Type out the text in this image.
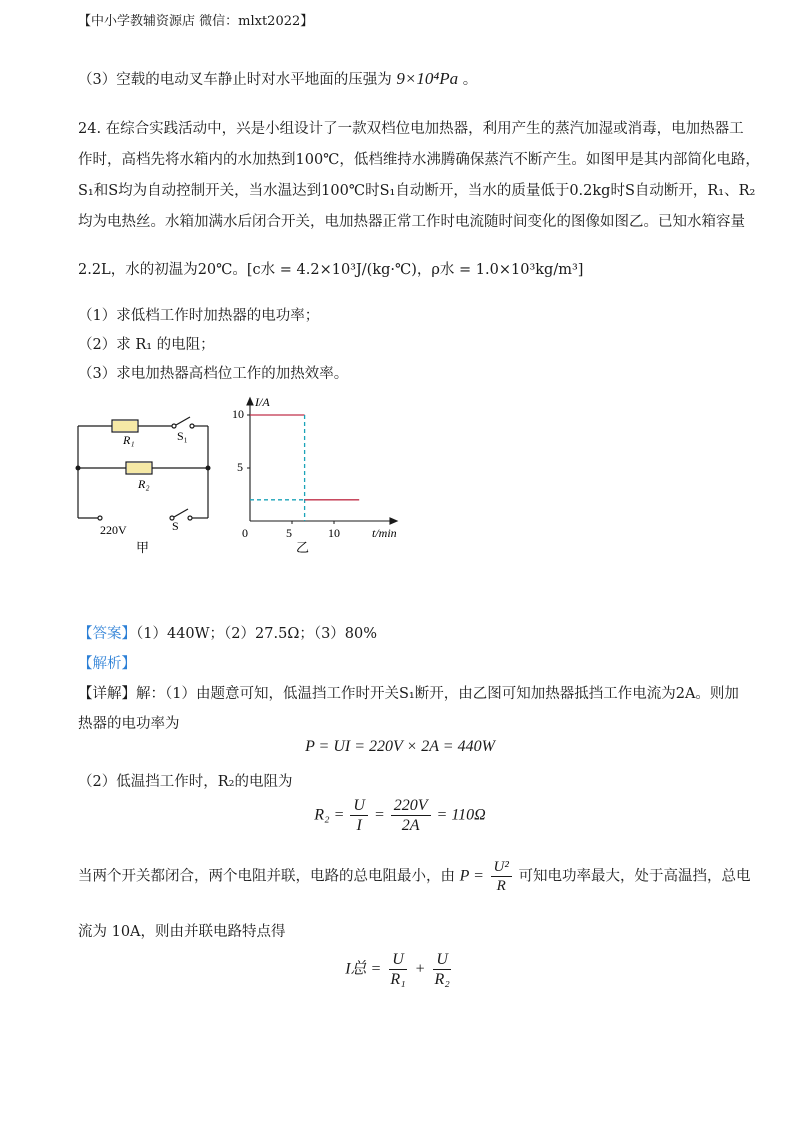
【中小学教辅资源店 微信：mlxt2022】
（3）空载的电动叉车静止时对水平地面的压强为 9×10⁴Pa 。
24. 在综合实践活动中，兴是小组设计了一款双档位电加热器，利用产生的蒸汽加湿或消毒，电加热器工
作时，高档先将水箱内的水加热到100℃，低档维持水沸腾确保蒸汽不断产生。如图甲是其内部简化电路，
S₁和S均为自动控制开关，当水温达到100℃时S₁自动断开，当水的质量低于0.2kg时S自动断开，R₁、R₂
均为电热丝。水箱加满水后闭合开关，电加热器正常工作时电流随时间变化的图像如图乙。已知水箱容量
2.2L，水的初温为20℃。[c水 = 4.2×10³J/(kg·℃)，ρ水 = 1.0×10³kg/m³]
（1）求低档工作时加热器的电功率；
（2）求 R₁ 的电阻；
（3）求电加热器高档位工作的加热效率。
R₁
R₂
S₁
S
220V
甲
I/A
t/min
10
5
0	5	10
乙
【答案】（1）440W；（2）27.5Ω；（3）80%
【解析】
【详解】解：（1）由题意可知，低温挡工作时开关S₁断开，由乙图可知加热器抵挡工作电流为2A。则加
热器的电功率为
P = UI = 220V × 2A = 440W
（2）低温挡工作时，R₂的电阻为
$R_2 = \frac{U}{I} = \frac{220V}{2A} = 110\Omega$
当两个开关都闭合，两个电阻并联，电路的总电阻最小，由 $P = \frac{\text{U²}}{R}$ 可知电功率最大，处于高温挡，总电
流为 10A，则由并联电路特点得
I总 = $\frac{U}{\text{R₁}} + \frac{U}{\text{R₂}}$
